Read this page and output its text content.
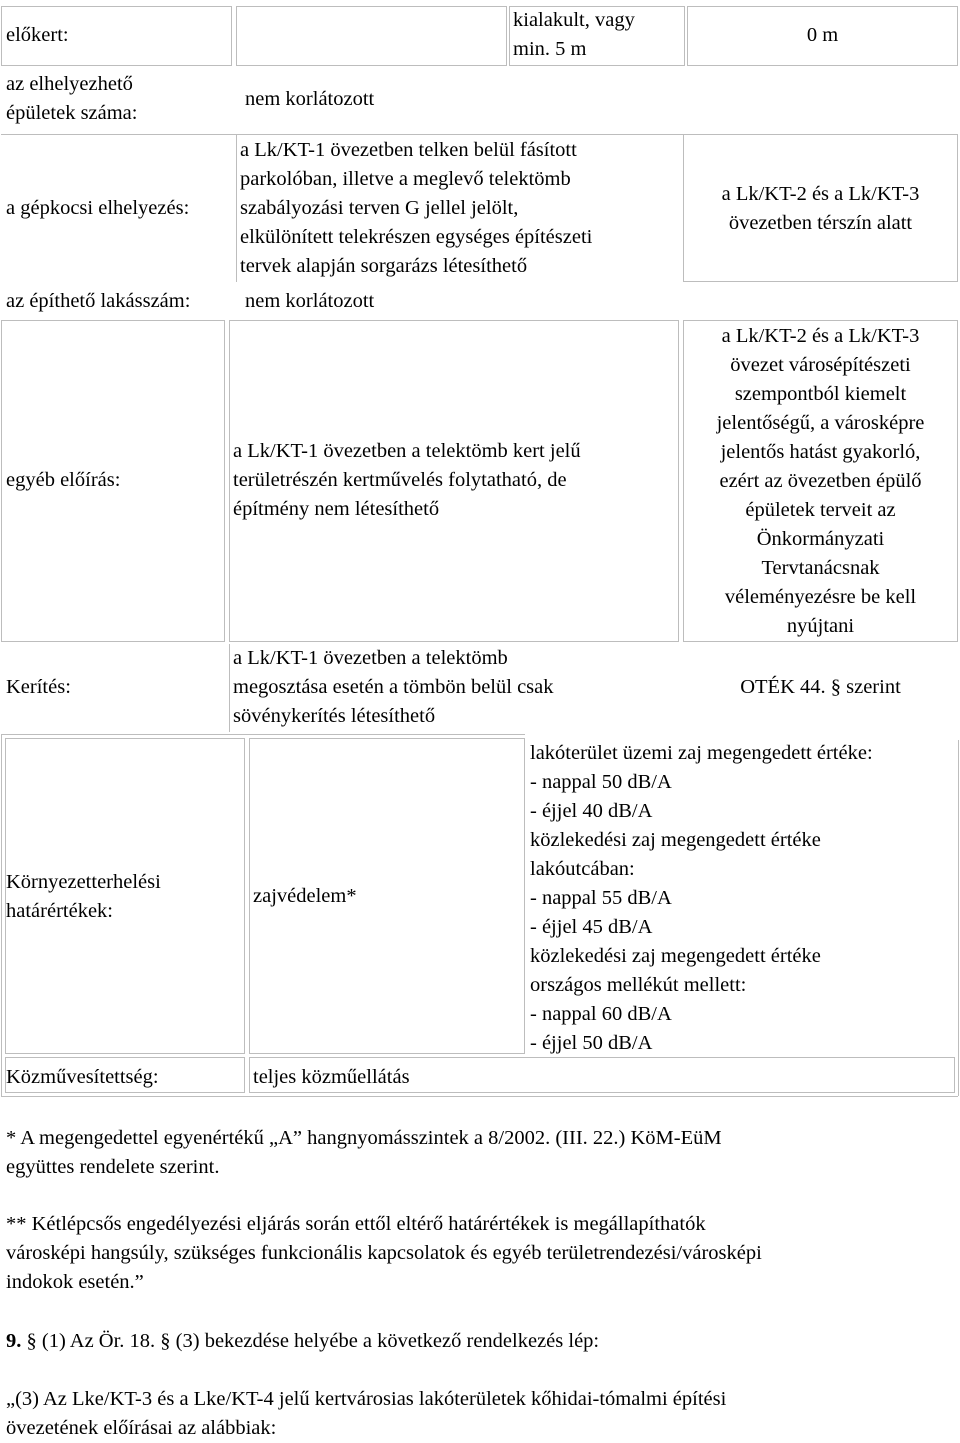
előkert:
kialakult, vagy
min. 5 m
0 m
az elhelyezhető
épületek száma:
nem korlátozott
a gépkocsi elhelyezés:
a Lk/KT-1 övezetben telken belül fásított
parkolóban, illetve a meglevő telektömb
szabályozási terven G jellel jelölt,
elkülönített telekrészen egységes építészeti
tervek alapján sorgarázs létesíthető
a Lk/KT-2 és a Lk/KT-3
övezetben térszín alatt
az építhető lakásszám:	nem korlátozott
egyéb előírás:
a Lk/KT-1 övezetben a telektömb kert jelű
területrészén kertművelés folytatható, de
építmény nem létesíthető
a Lk/KT-2 és a Lk/KT-3
övezet városépítészeti
szempontból kiemelt
jelentőségű, a városképre
jelentős hatást gyakorló,
ezért az övezetben épülő
épületek terveit az
Önkormányzati
Tervtanácsnak
véleményezésre be kell
nyújtani
Kerítés:
a Lk/KT-1 övezetben a telektömb
megosztása esetén a tömbön belül csak
sövénykerítés létesíthető
OTÉK 44. § szerint
Környezetterhelési
határértékek:
zajvédelem*
lakóterület üzemi zaj megengedett értéke:
- nappal 50 dB/A
- éjjel 40 dB/A
közlekedési zaj megengedett értéke
lakóutcában:
- nappal 55 dB/A
- éjjel 45 dB/A
közlekedési zaj megengedett értéke
országos mellékút mellett:
- nappal 60 dB/A
- éjjel 50 dB/A
Közművesítettség:	teljes közműellátás
* A megengedettel egyenértékű „A” hangnyomásszintek a 8/2002. (III. 22.) KöM-EüM
együttes rendelete szerint.
** Kétlépcsős engedélyezési eljárás során ettől eltérő határértékek is megállapíthatók
városképi hangsúly, szükséges funkcionális kapcsolatok és egyéb területrendezési/városképi
indokok esetén.”
9. § (1) Az Ör. 18. § (3) bekezdése helyébe a következő rendelkezés lép:
„(3) Az Lke/KT-3 és a Lke/KT-4 jelű kertvárosias lakóterületek kőhidai-tómalmi építési
övezetének előírásai az alábbiak:
